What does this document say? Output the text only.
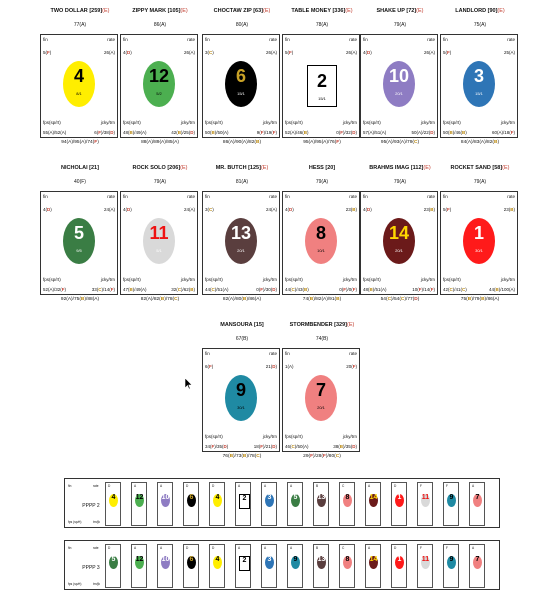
TWO DOLLAR [259](E)
77(A)
fin	rate
5(F)	26(A)
4
8/1
fps(sp/rt)	jcky/trn
55(A)/52(A)	6(F)/38(D)
94(A)/95(A)/74(F)
ZIPPY MARK [105](E)
86(A)
fin	rate
4(D)	26(A)
12
5/2
fps(sp/rt)	jcky/trn
48(B)/49(A)	42(B)/25(D)
88(A)/89(A)/85(A)
CHOCTAW ZIP [63](E)
80(A)
fin	rate
3(C)	26(A)
6
15/1
fps(sp/rt)	jcky/trn
50(B)/50(A)	9(F)/19(F)
86(A)/90(A)/82(B)
TABLE MONEY [336](E)
78(A)
fin	rate
5(F)	26(A)
2
15/1
fps(sp/rt)	jcky/trn
52(A)/46(B)	0(F)/32(D)
95(A)/95(A)/76(F)
SHAKE UP [72](E)
79(A)
fin	rate
4(D)	26(A)
10
20/1
fps(sp/rt)	jcky/trn
57(A)/51(A)	50(A)/22(D)
95(A)/93(A)/79(C)
LANDLORD [90](E)
75(A)
fin	rate
5(F)	25(A)
3
15/1
fps(sp/rt)	jcky/trn
50(B)/46(B)	60(A)/18(F)
84(A)/83(A)/82(B)
NICHOLAI [21]
40(F)
fin	rate
4(D)	24(A)
5
9/5
fps(sp/rt)	jcky/trn
52(A)/32(F)	33(C)/14(F)
92(A)/75(B)/88(A)
ROCK SOLO [206](E)
79(A)
fin	rate
4(D)	24(A)
11
5/1
fps(sp/rt)	jcky/trn
47(B)/49(A)	32(C)/62(B)
82(A)/82(B)/78(C)
MR. BUTCH [125](E)
81(A)
fin	rate
3(C)	24(A)
13
20/1
fps(sp/rt)	jcky/trn
44(C)/51(A)	0(F)/30(D)
82(A)/80(B)/86(A)
HESS [20]
79(A)
fin	rate
4(D)	23(B)
8
10/1
fps(sp/rt)	jcky/trn
44(C)/43(B)	0(F)/0(F)
74(B)/82(A)/91(B)
BRAHMS IMAG [112](E)
79(A)
fin	rate
4(D)	23(B)
14
20/1
fps(sp/rt)	jcky/trn
48(B)/51(A)	10(F)/14(F)
54(C)/54(C)/77(D)
ROCKET SAND [58](E)
79(A)
fin	rate
5(F)	23(B)
1
30/1
fps(sp/rt)	jcky/trn
42(C)/41(C)	44(B)/100(A)
75(B)/79(B)/86(A)
MANSOURA [15]
67(B)
fin	rate
6(F)	21(D)
9
30/1
fps(sp/rt)	jcky/trn
34(F)/35(D)	18(F)/21(D)
76(B)/73(B)/78(C)
STORMBENDER [329](E)
74(B)
fin	rate
1(A)	20(F)
7
20/1
fps(sp/rt)	jcky/trn
46(C)/50(A)	38(B)/35(D)
29(F)/28(F)/80(C)
fin	rate
PPPP 2
fps (sp/rt)	trn/jk
D
4
A
12
A
10
D
6
D
4
A
2
A
3
A
5
B
13
C
8
A
14
D
1
F
11
F
9
A
7
fin	rate
PPPP 3
fps (sp/rt)	trn/jk
D
5
A
12
A
10
D
6
D
4
A
2
A
3
A
9
B
13
C
8
A
14
D
1
F
11
F
9
A
7
